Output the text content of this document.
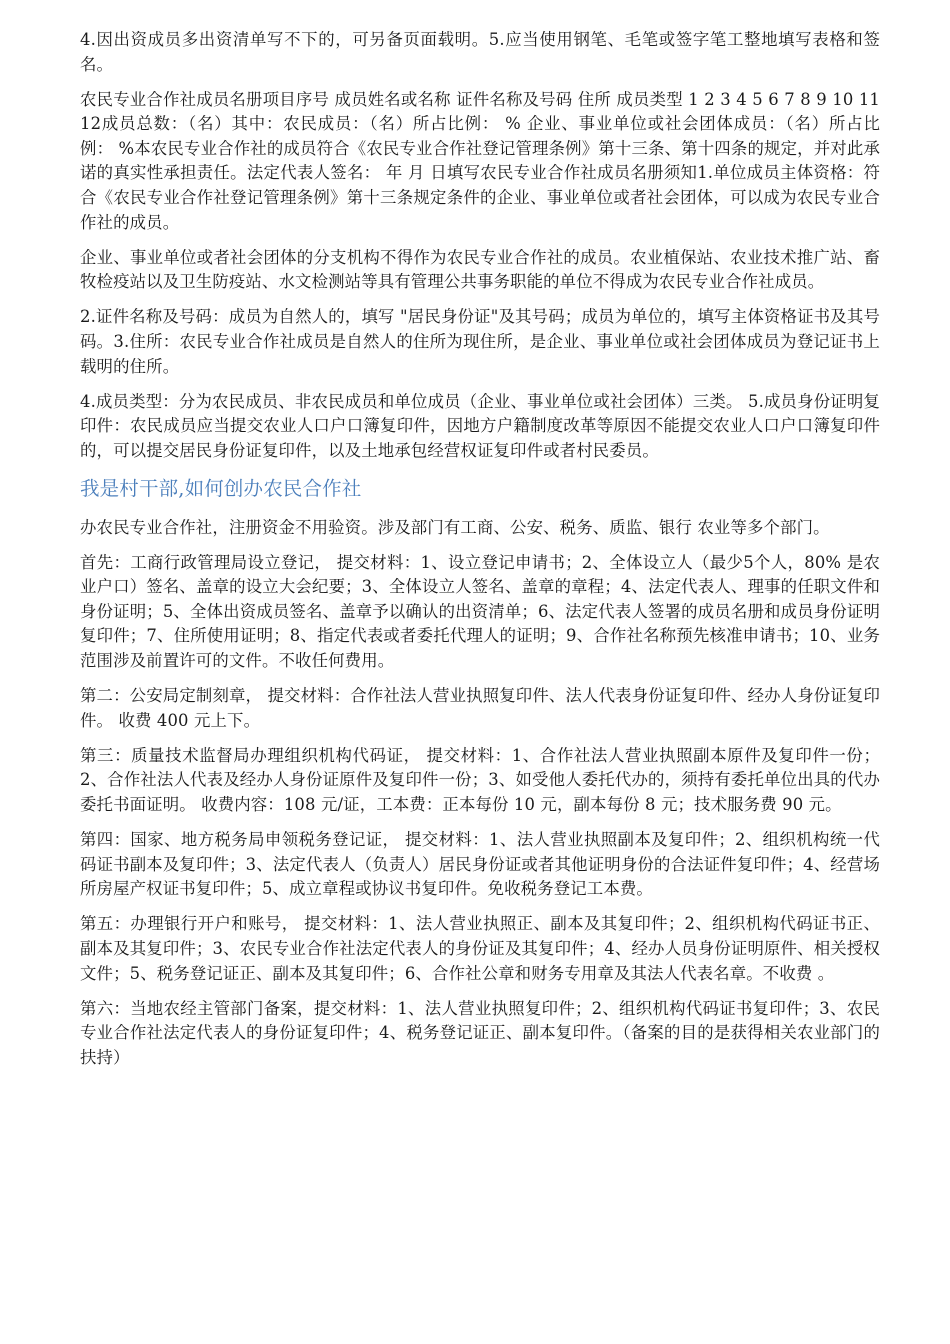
4.因出资成员多出资清单写不下的，可另备页面载明。5.应当使用钢笔、毛笔或签字笔工整地填写表格和签名。

农民专业合作社成员名册项目序号 成员姓名或名称 证件名称及号码 住所 成员类型 1 2 3 4 5 6 7 8 9 10 11 12成员总数：（名）其中：农民成员：（名）所占比例： % 企业、事业单位或社会团体成员：（名）所占比例： %本农民专业合作社的成员符合《农民专业合作社登记管理条例》第十三条、第十四条的规定，并对此承诺的真实性承担责任。法定代表人签名： 年 月 日填写农民专业合作社成员名册须知1.单位成员主体资格：符合《农民专业合作社登记管理条例》第十三条规定条件的企业、事业单位或者社会团体，可以成为农民专业合作社的成员。

企业、事业单位或者社会团体的分支机构不得作为农民专业合作社的成员。农业植保站、农业技术推广站、畜牧检疫站以及卫生防疫站、水文检测站等具有管理公共事务职能的单位不得成为农民专业合作社成员。

2.证件名称及号码：成员为自然人的，填写 "居民身份证"及其号码；成员为单位的，填写主体资格证书及其号码。3.住所：农民专业合作社成员是自然人的住所为现住所，是企业、事业单位或社会团体成员为登记证书上载明的住所。

4.成员类型：分为农民成员、非农民成员和单位成员（企业、事业单位或社会团体）三类。 5.成员身份证明复印件：农民成员应当提交农业人口户口簿复印件，因地方户籍制度改革等原因不能提交农业人口户口簿复印件的，可以提交居民身份证复印件，以及土地承包经营权证复印件或者村民委员。

我是村干部,如何创办农民合作社

办农民专业合作社，注册资金不用验资。涉及部门有工商、公安、税务、质监、银行 农业等多个部门。

首先：工商行政管理局设立登记， 提交材料：1、设立登记申请书；2、全体设立人（最少5个人，80% 是农业户口）签名、盖章的设立大会纪要；3、全体设立人签名、盖章的章程；4、法定代表人、理事的任职文件和身份证明；5、全体出资成员签名、盖章予以确认的出资清单；6、法定代表人签署的成员名册和成员身份证明复印件；7、住所使用证明；8、指定代表或者委托代理人的证明；9、合作社名称预先核准申请书；10、业务范围涉及前置许可的文件。不收任何费用。

第二：公安局定制刻章， 提交材料：合作社法人营业执照复印件、法人代表身份证复印件、经办人身份证复印件。 收费 400 元上下。

第三：质量技术监督局办理组织机构代码证， 提交材料：1、合作社法人营业执照副本原件及复印件一份；2、合作社法人代表及经办人身份证原件及复印件一份；3、如受他人委托代办的，须持有委托单位出具的代办委托书面证明。 收费内容：108 元/证，工本费：正本每份 10 元，副本每份 8 元；技术服务费 90 元。

第四：国家、地方税务局申领税务登记证， 提交材料：1、法人营业执照副本及复印件；2、组织机构统一代码证书副本及复印件；3、法定代表人（负责人）居民身份证或者其他证明身份的合法证件复印件；4、经营场所房屋产权证书复印件；5、成立章程或协议书复印件。免收税务登记工本费。

第五：办理银行开户和账号， 提交材料：1、法人营业执照正、副本及其复印件；2、组织机构代码证书正、副本及其复印件；3、农民专业合作社法定代表人的身份证及其复印件；4、经办人员身份证明原件、相关授权文件；5、税务登记证正、副本及其复印件；6、合作社公章和财务专用章及其法人代表名章。不收费 。

第六：当地农经主管部门备案，提交材料：1、法人营业执照复印件；2、组织机构代码证书复印件；3、农民专业合作社法定代表人的身份证复印件；4、税务登记证正、副本复印件。（备案的目的是获得相关农业部门的扶持）
